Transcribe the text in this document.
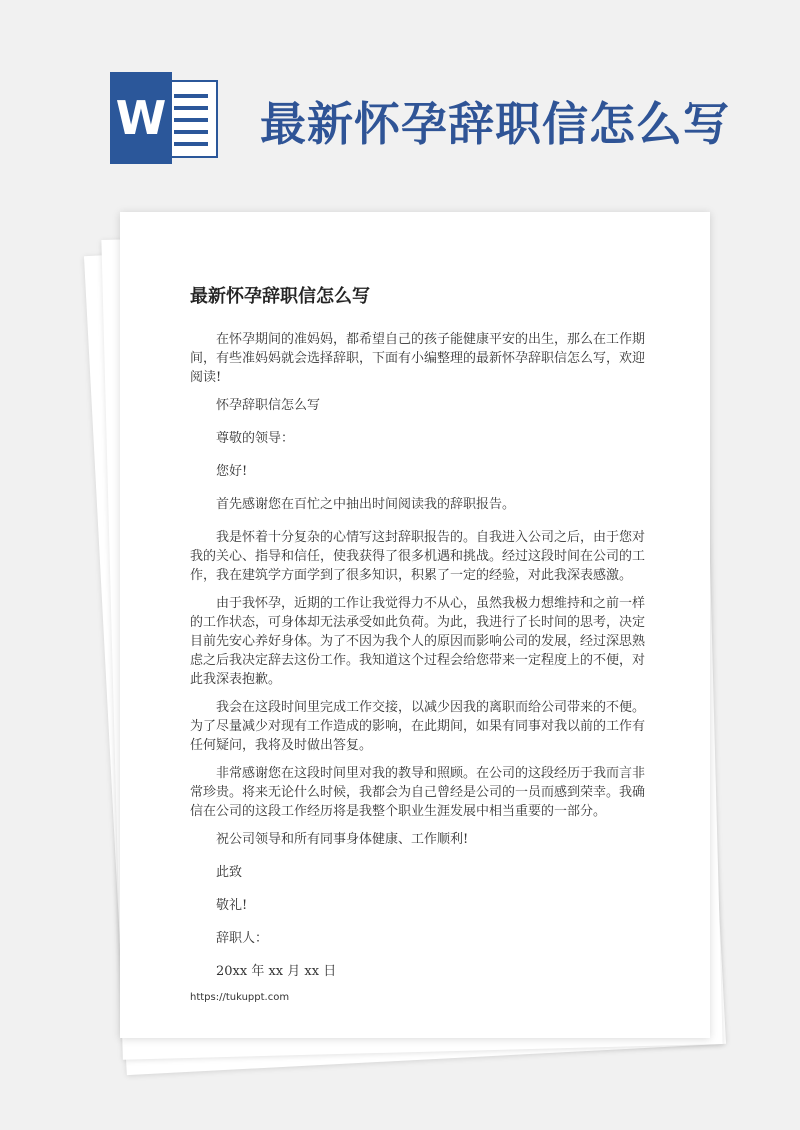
W 最新怀孕辞职信怎么写
最新怀孕辞职信怎么写

在怀孕期间的准妈妈，都希望自己的孩子能健康平安的出生，那么在工作期间，有些准妈妈就会选择辞职，下面有小编整理的最新怀孕辞职信怎么写，欢迎阅读!

怀孕辞职信怎么写

尊敬的领导：

您好!

首先感谢您在百忙之中抽出时间阅读我的辞职报告。

我是怀着十分复杂的心情写这封辞职报告的。自我进入公司之后，由于您对我的关心、指导和信任，使我获得了很多机遇和挑战。经过这段时间在公司的工作，我在建筑学方面学到了很多知识，积累了一定的经验，对此我深表感激。

由于我怀孕，近期的工作让我觉得力不从心，虽然我极力想维持和之前一样的工作状态，可身体却无法承受如此负荷。为此，我进行了长时间的思考，决定目前先安心养好身体。为了不因为我个人的原因而影响公司的发展，经过深思熟虑之后我决定辞去这份工作。我知道这个过程会给您带来一定程度上的不便，对此我深表抱歉。

我会在这段时间里完成工作交接，以减少因我的离职而给公司带来的不便。为了尽量减少对现有工作造成的影响，在此期间，如果有同事对我以前的工作有任何疑问，我将及时做出答复。

非常感谢您在这段时间里对我的教导和照顾。在公司的这段经历于我而言非常珍贵。将来无论什么时候，我都会为自己曾经是公司的一员而感到荣幸。我确信在公司的这段工作经历将是我整个职业生涯发展中相当重要的一部分。

祝公司领导和所有同事身体健康、工作顺利!

此致

敬礼!

辞职人：

20xx 年 xx 月 xx 日

https://tukuppt.com
